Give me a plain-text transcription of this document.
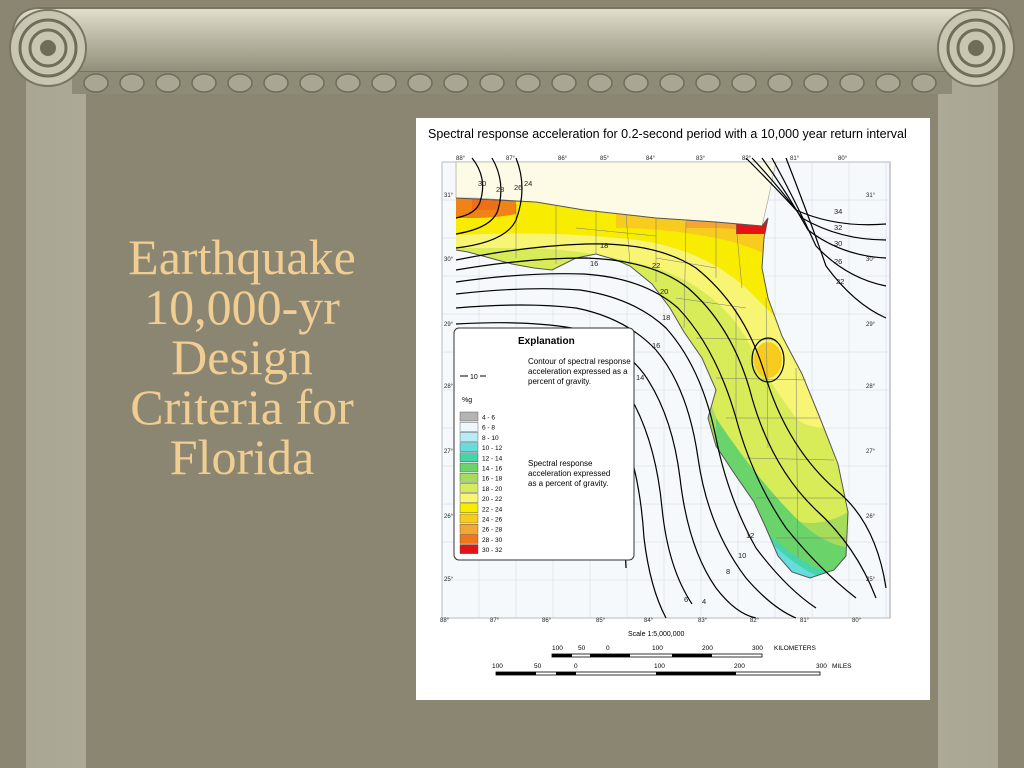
Earthquake
10,000-yr
Design
Criteria for
Florida
Spectral response acceleration for 0.2-second period with a 10,000 year return interval
30
28 26 24
22
20
18
16
14
12
10
8
6 4
34
32
30
26
22
18
16
88°	87°	86°	85°	84°	83°	82°	81°	80°
88°	87°	86°	85°	84°	83°	82°	81°	80°
31°
30°
29°
28°
27°
26°
25°
31°
30°
29°
28°
27°
26°
25°
Explanation
10
Contour of spectral response
acceleration expressed as a
percent of gravity.
%g
4 - 6
6 - 8
8 - 10
10 - 12
12 - 14
14 - 16
16 - 18
18 - 20
20 - 22
22 - 24
24 - 26
26 - 28
28 - 30
30 - 32
Spectral response
acceleration expressed
as a percent of gravity.
Scale 1:5,000,000
100 50	0	100	200	300 KILOMETERS
100	50	0	100	200	300 MILES
